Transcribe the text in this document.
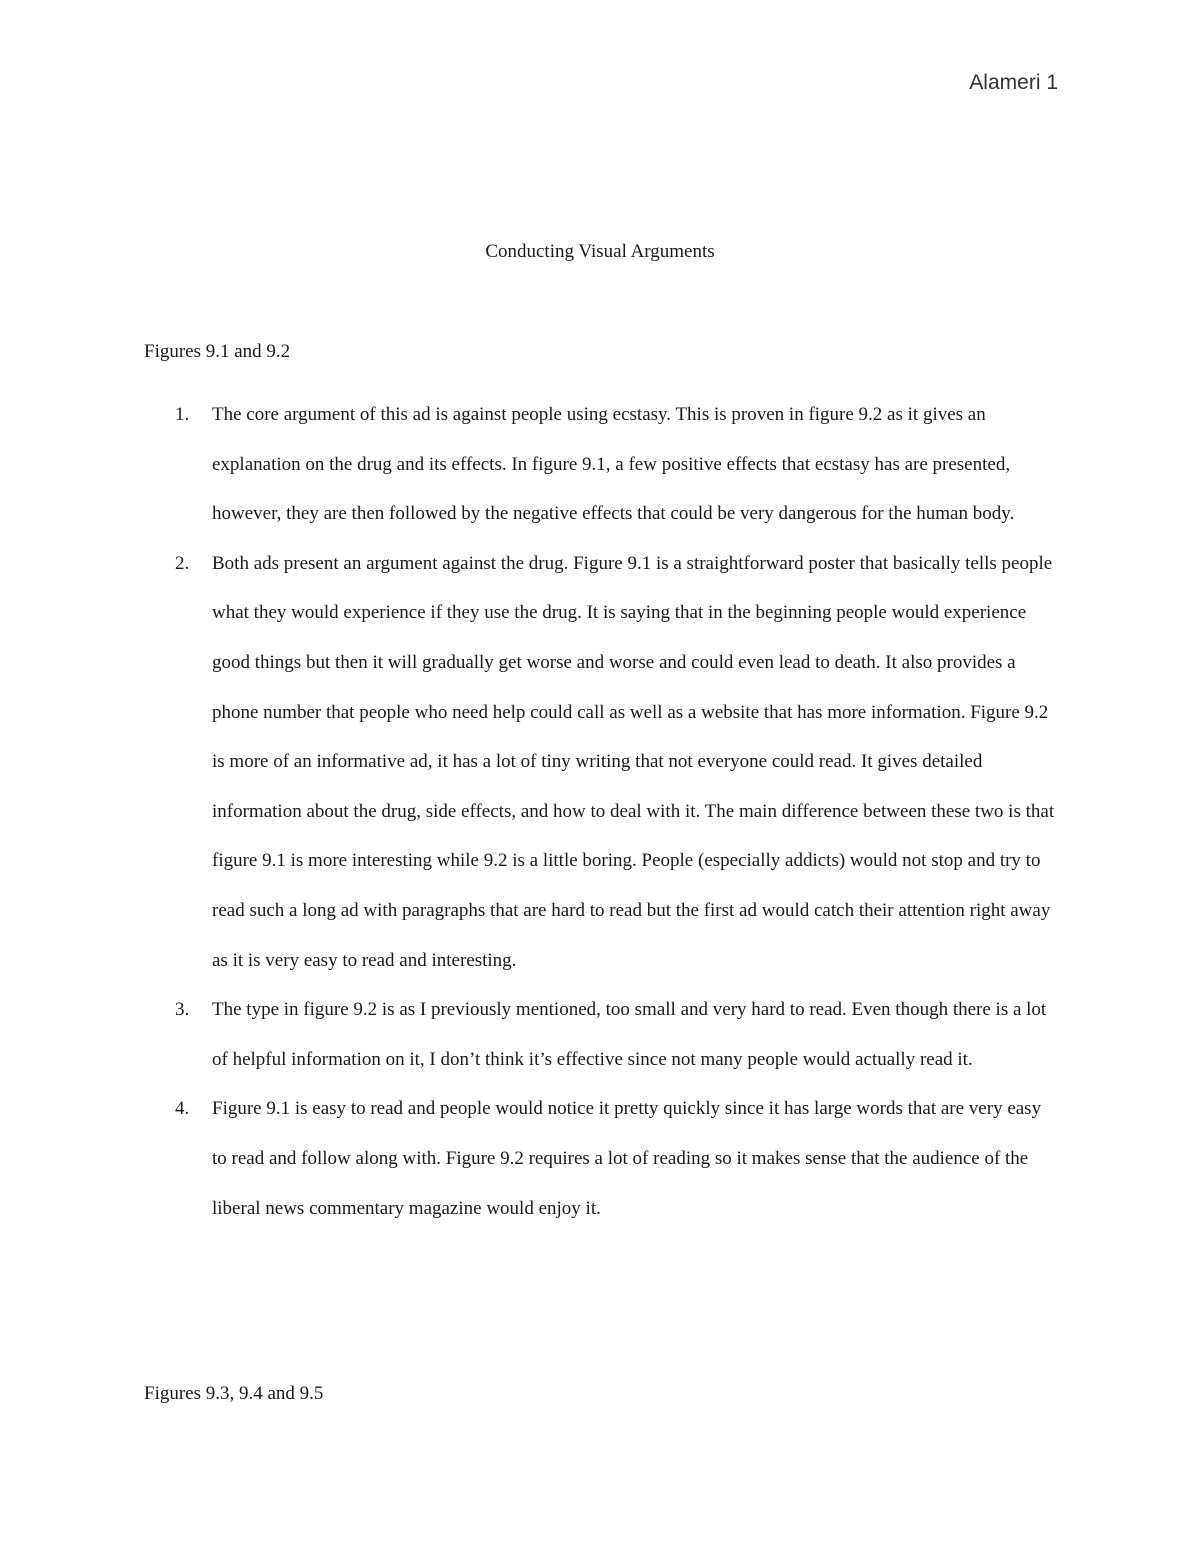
Alameri 1
Conducting Visual Arguments
Figures 9.1 and 9.2
1. The core argument of this ad is against people using ecstasy. This is proven in figure 9.2 as it gives an explanation on the drug and its effects. In figure 9.1, a few positive effects that ecstasy has are presented, however, they are then followed by the negative effects that could be very dangerous for the human body.
2. Both ads present an argument against the drug. Figure 9.1 is a straightforward poster that basically tells people what they would experience if they use the drug. It is saying that in the beginning people would experience good things but then it will gradually get worse and worse and could even lead to death. It also provides a phone number that people who need help could call as well as a website that has more information. Figure 9.2 is more of an informative ad, it has a lot of tiny writing that not everyone could read. It gives detailed information about the drug, side effects, and how to deal with it. The main difference between these two is that figure 9.1 is more interesting while 9.2 is a little boring. People (especially addicts) would not stop and try to read such a long ad with paragraphs that are hard to read but the first ad would catch their attention right away as it is very easy to read and interesting.
3. The type in figure 9.2 is as I previously mentioned, too small and very hard to read. Even though there is a lot of helpful information on it, I don’t think it’s effective since not many people would actually read it.
4. Figure 9.1 is easy to read and people would notice it pretty quickly since it has large words that are very easy to read and follow along with. Figure 9.2 requires a lot of reading so it makes sense that the audience of the liberal news commentary magazine would enjoy it.
Figures 9.3, 9.4 and 9.5
